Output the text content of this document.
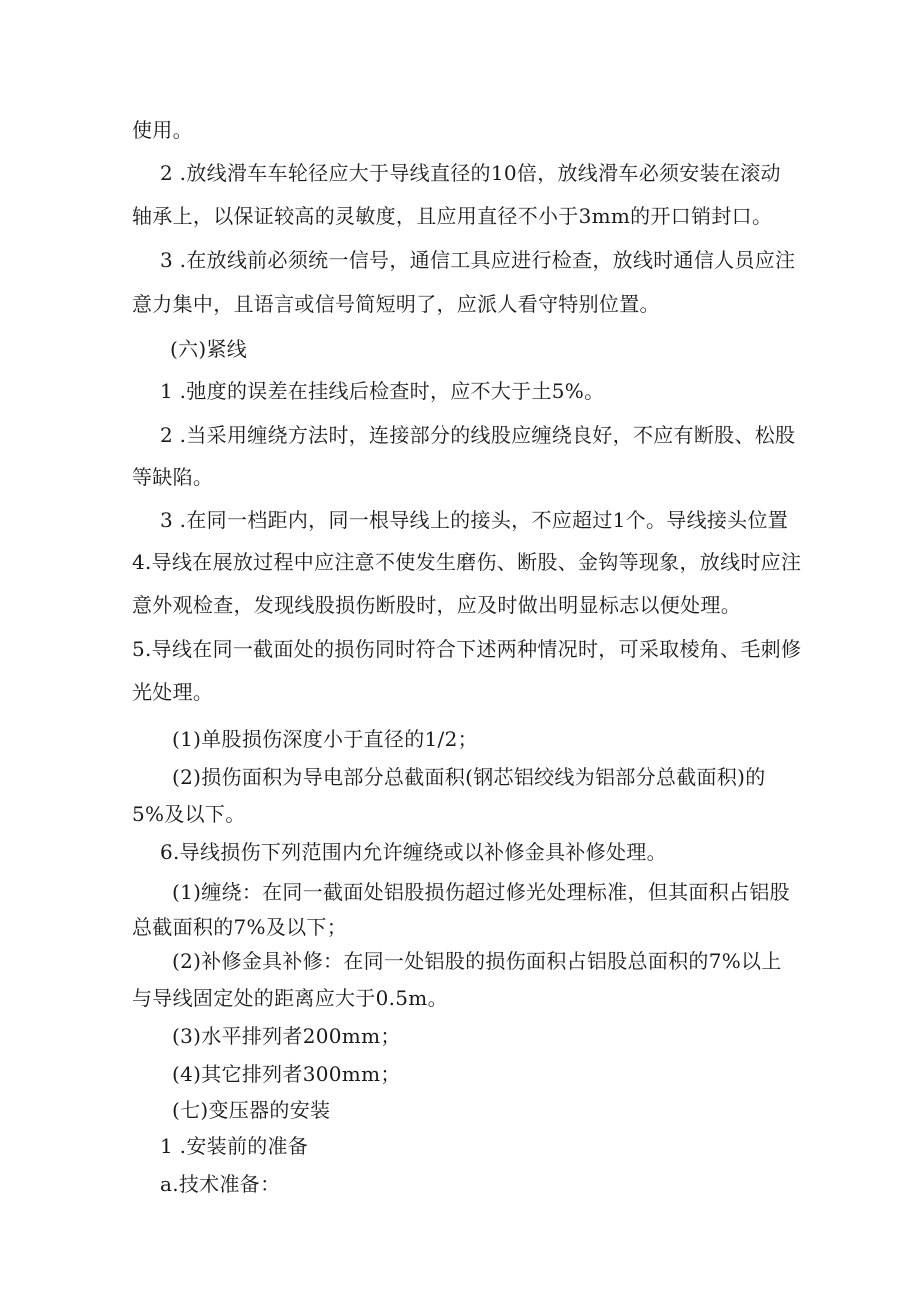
使用。

2 .放线滑车车轮径应大于导线直径的10倍，放线滑车必须安装在滚动

轴承上，以保证较高的灵敏度，且应用直径不小于3mm的开口销封口。

3 .在放线前必须统一信号，通信工具应进行检查，放线时通信人员应注

意力集中，且语言或信号简短明了，应派人看守特别位置。

(六)紧线

1 .弛度的误差在挂线后检查时，应不大于土5%。

2 .当采用缠绕方法时，连接部分的线股应缠绕良好，不应有断股、松股

等缺陷。

3 .在同一档距内，同一根导线上的接头，不应超过1个。导线接头位置

4.导线在展放过程中应注意不使发生磨伤、断股、金钩等现象，放线时应注

意外观检查，发现线股损伤断股时，应及时做出明显标志以便处理。

5.导线在同一截面处的损伤同时符合下述两种情况时，可采取棱角、毛刺修

光处理。

(1)单股损伤深度小于直径的1/2；

(2)损伤面积为导电部分总截面积(钢芯铝绞线为铝部分总截面积)的

5%及以下。

6.导线损伤下列范围内允许缠绕或以补修金具补修处理。

(1)缠绕：在同一截面处铝股损伤超过修光处理标准，但其面积占铝股

总截面积的7%及以下；

(2)补修金具补修：在同一处铝股的损伤面积占铝股总面积的7%以上

与导线固定处的距离应大于0.5m。

(3)水平排列者200mm；

(4)其它排列者300mm；

(七)变压器的安装

1 .安装前的准备

a.技术准备：
